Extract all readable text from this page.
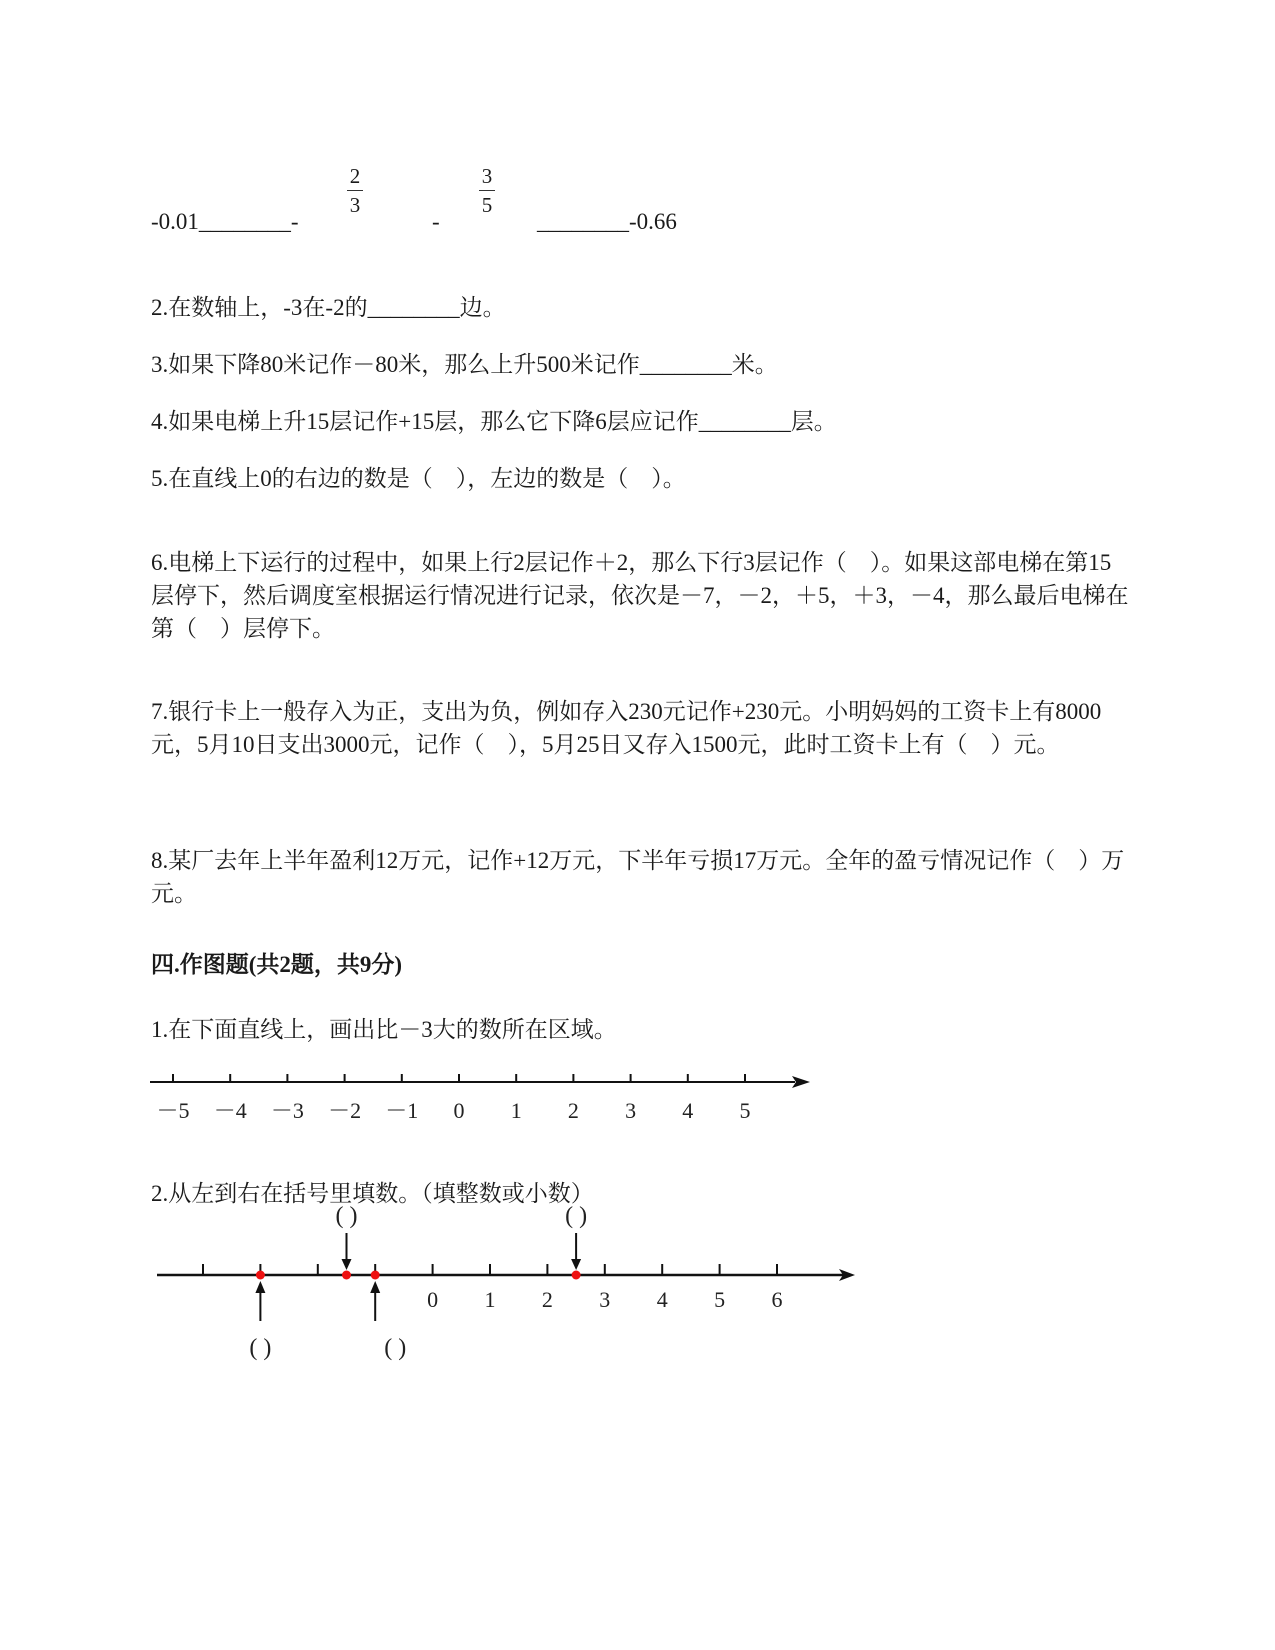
-0.01________-
2
3
-
3
5
________-0.66
2.在数轴上，-3在-2的________边。
3.如果下降80米记作－80米，那么上升500米记作________米。
4.如果电梯上升15层记作+15层，那么它下降6层应记作________层。
5.在直线上0的右边的数是（　），左边的数是（　）。
6.电梯上下运行的过程中，如果上行2层记作＋2，那么下行3层记作（　）。如果这部电梯在第15层停下，然后调度室根据运行情况进行记录，依次是－7，－2，＋5，＋3，－4，那么最后电梯在第（　）层停下。
7.银行卡上一般存入为正，支出为负，例如存入230元记作+230元。小明妈妈的工资卡上有8000元，5月10日支出3000元，记作（　），5月25日又存入1500元，此时工资卡上有（　）元。
8.某厂去年上半年盈利12万元，记作+12万元，下半年亏损17万元。全年的盈亏情况记作（　）万元。
四.作图题(共2题，共9分)
1.在下面直线上，画出比－3大的数所在区域。
－5 －4 －3 －2 －1 0 1 2 3 4 5
2.从左到右在括号里填数。（填整数或小数）
0 1 2 3 4 5 6
( )
( )
( )
( )
